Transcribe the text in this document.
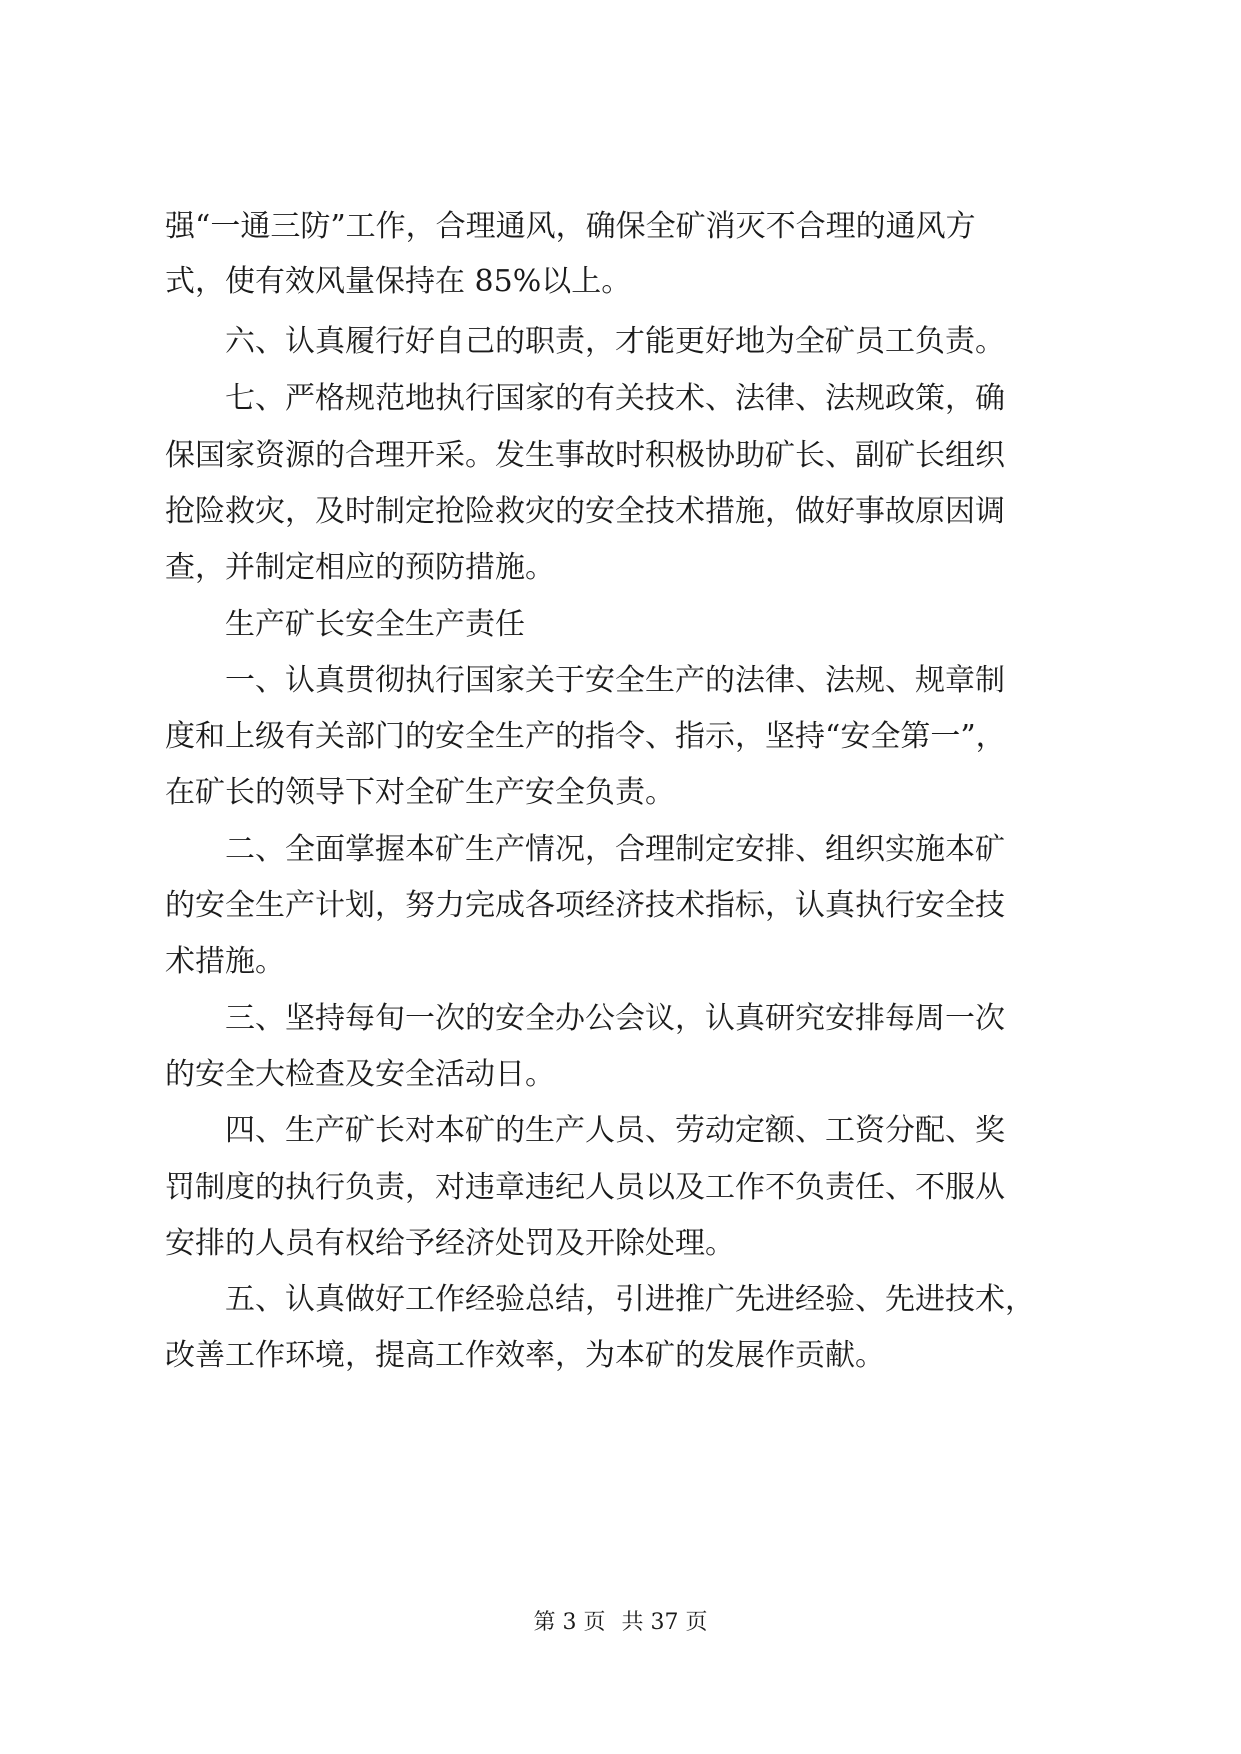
强“一通三防”工作，合理通风，确保全矿消灭不合理的通风方
式，使有效风量保持在 85%以上。
六、认真履行好自己的职责，才能更好地为全矿员工负责。
七、严格规范地执行国家的有关技术、法律、法规政策，确
保国家资源的合理开采。发生事故时积极协助矿长、副矿长组织
抢险救灾，及时制定抢险救灾的安全技术措施，做好事故原因调
查，并制定相应的预防措施。
生产矿长安全生产责任
一、认真贯彻执行国家关于安全生产的法律、法规、规章制
度和上级有关部门的安全生产的指令、指示，坚持“安全第一”，
在矿长的领导下对全矿生产安全负责。
二、全面掌握本矿生产情况，合理制定安排、组织实施本矿
的安全生产计划，努力完成各项经济技术指标，认真执行安全技
术措施。
三、坚持每旬一次的安全办公会议，认真研究安排每周一次
的安全大检查及安全活动日。
四、生产矿长对本矿的生产人员、劳动定额、工资分配、奖
罚制度的执行负责，对违章违纪人员以及工作不负责任、不服从
安排的人员有权给予经济处罚及开除处理。
五、认真做好工作经验总结，引进推广先进经验、先进技术，
改善工作环境，提高工作效率，为本矿的发展作贡献。
第 3 页 共 37 页
